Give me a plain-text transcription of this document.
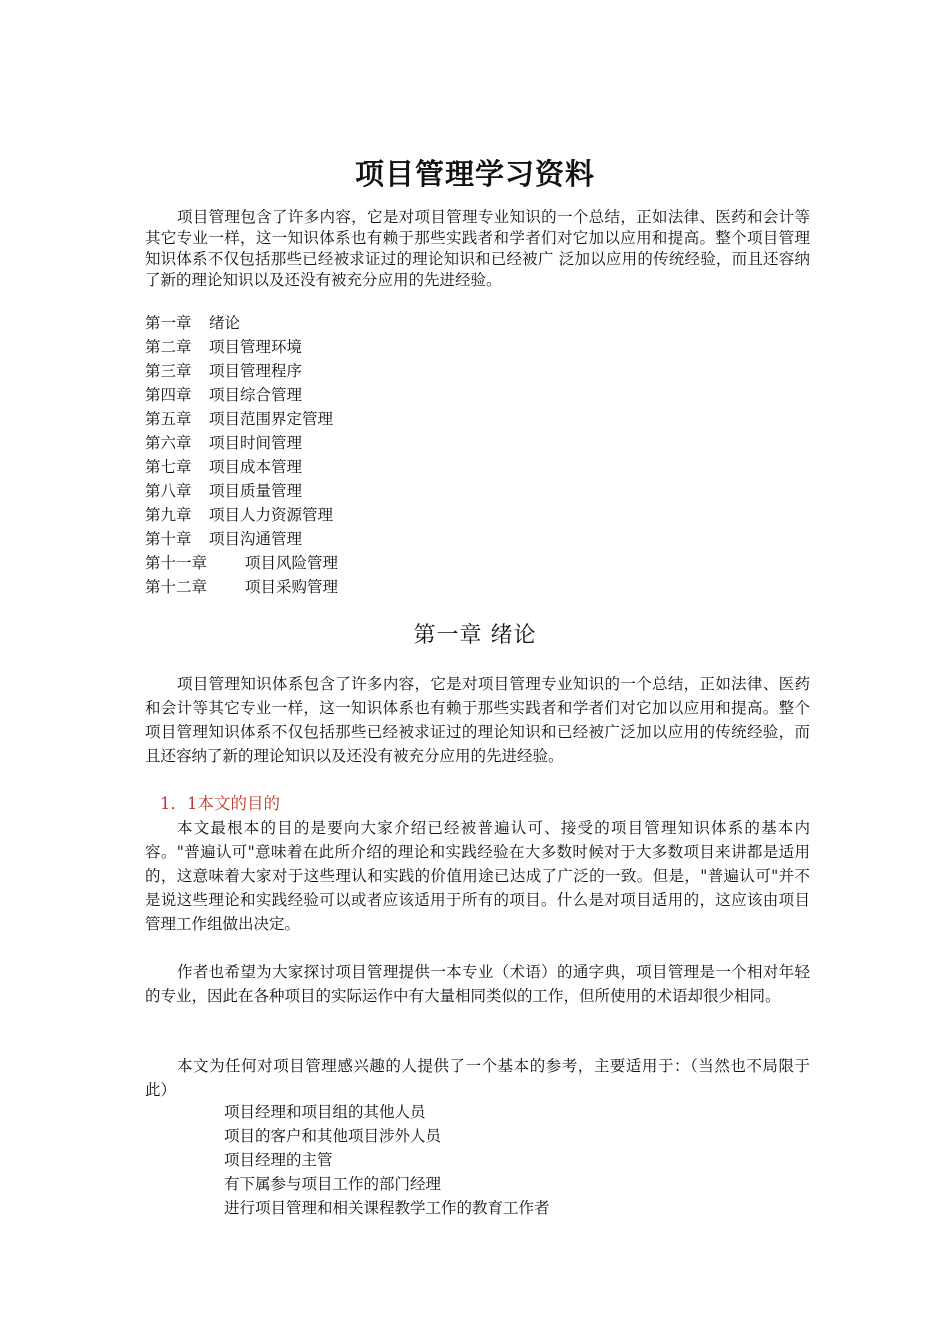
项目管理学习资料
项目管理包含了许多内容，它是对项目管理专业知识的一个总结，正如法律、医药和会计等其它专业一样，这一知识体系也有赖于那些实践者和学者们对它加以应用和提高。整个项目管理知识体系不仅包括那些已经被求证过的理论知识和已经被广 泛加以应用的传统经验，而且还容纳了新的理论知识以及还没有被充分应用的先进经验。
第一章 绪论
第二章 项目管理环境
第三章 项目管理程序
第四章 项目综合管理
第五章 项目范围界定管理
第六章 项目时间管理
第七章 项目成本管理
第八章 项目质量管理
第九章 项目人力资源管理
第十章 项目沟通管理
第十一章 项目风险管理
第十二章 项目采购管理
第一章 绪论
项目管理知识体系包含了许多内容，它是对项目管理专业知识的一个总结，正如法律、医药和会计等其它专业一样，这一知识体系也有赖于那些实践者和学者们对它加以应用和提高。整个项目管理知识体系不仅包括那些已经被求证过的理论知识和已经被广泛加以应用的传统经验，而且还容纳了新的理论知识以及还没有被充分应用的先进经验。
1．1本文的目的
本文最根本的目的是要向大家介绍已经被普遍认可、接受的项目管理知识体系的基本内容。"普遍认可"意味着在此所介绍的理论和实践经验在大多数时候对于大多数项目来讲都是适用的，这意味着大家对于这些理认和实践的价值用途已达成了广泛的一致。但是，"普遍认可"并不是说这些理论和实践经验可以或者应该适用于所有的项目。什么是对项目适用的，这应该由项目管理工作组做出决定。
作者也希望为大家探讨项目管理提供一本专业（术语）的通字典，项目管理是一个相对年轻的专业，因此在各种项目的实际运作中有大量相同类似的工作，但所使用的术语却很少相同。
本文为任何对项目管理感兴趣的人提供了一个基本的参考，主要适用于：（当然也不局限于此）
项目经理和项目组的其他人员
项目的客户和其他项目涉外人员
项目经理的主管
有下属参与项目工作的部门经理
进行项目管理和相关课程教学工作的教育工作者
